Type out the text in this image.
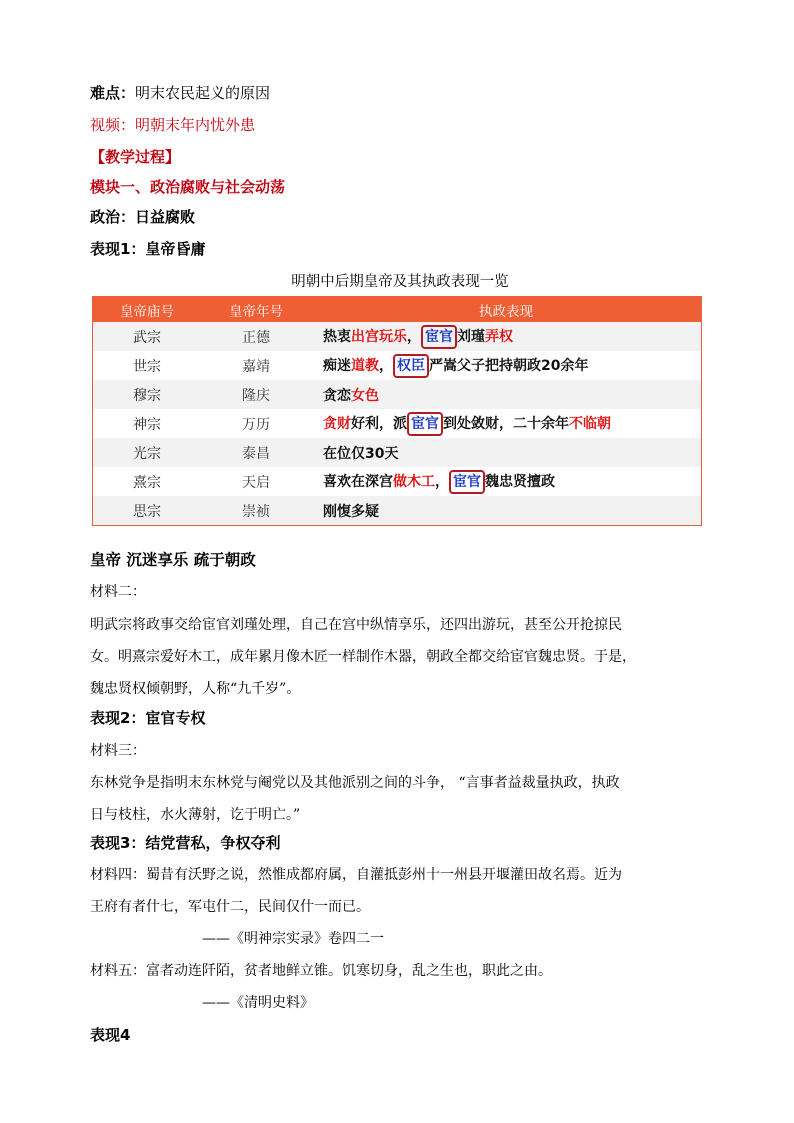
难点：明末农民起义的原因
视频：明朝末年内忧外患
【教学过程】
模块一、政治腐败与社会动荡
政治：日益腐败
表现1：皇帝昏庸
明朝中后期皇帝及其执政表现一览
皇帝庙号	皇帝年号	执政表现
武宗	正德	热衷出宫玩乐， 宦官 刘瑾弄权
世宗	嘉靖	痴迷道教， 权臣 严嵩父子把持朝政20余年
穆宗	隆庆	贪恋女色
神宗	万历	贪财好利，派 宦官 到处敛财，二十余年不临朝
光宗	泰昌	在位仅30天
熹宗	天启	喜欢在深宫做木工， 宦官 魏忠贤擅政
思宗	崇祯	刚愎多疑
皇帝 沉迷享乐 疏于朝政
材料二：
明武宗将政事交给宦官刘瑾处理，自己在宫中纵情享乐，还四出游玩，甚至公开抢掠民
女。明熹宗爱好木工，成年累月像木匠一样制作木器，朝政全都交给宦官魏忠贤。于是，
魏忠贤权倾朝野，人称“九千岁”。
表现2：宦官专权
材料三：
东林党争是指明末东林党与阉党以及其他派别之间的斗争， “言事者益裁量执政，执政
日与枝柱，水火薄射，讫于明亡。”
表现3：结党营私，争权夺利
材料四：蜀昔有沃野之说，然惟成都府属，自灌抵彭州十一州县开堰灌田故名焉。近为
王府有者什七，军屯什二，民间仅什一而已。
——《明神宗实录》卷四二一
材料五：富者动连阡陌，贫者地鲜立锥。饥寒切身，乱之生也，职此之由。
——《清明史料》
表现4
